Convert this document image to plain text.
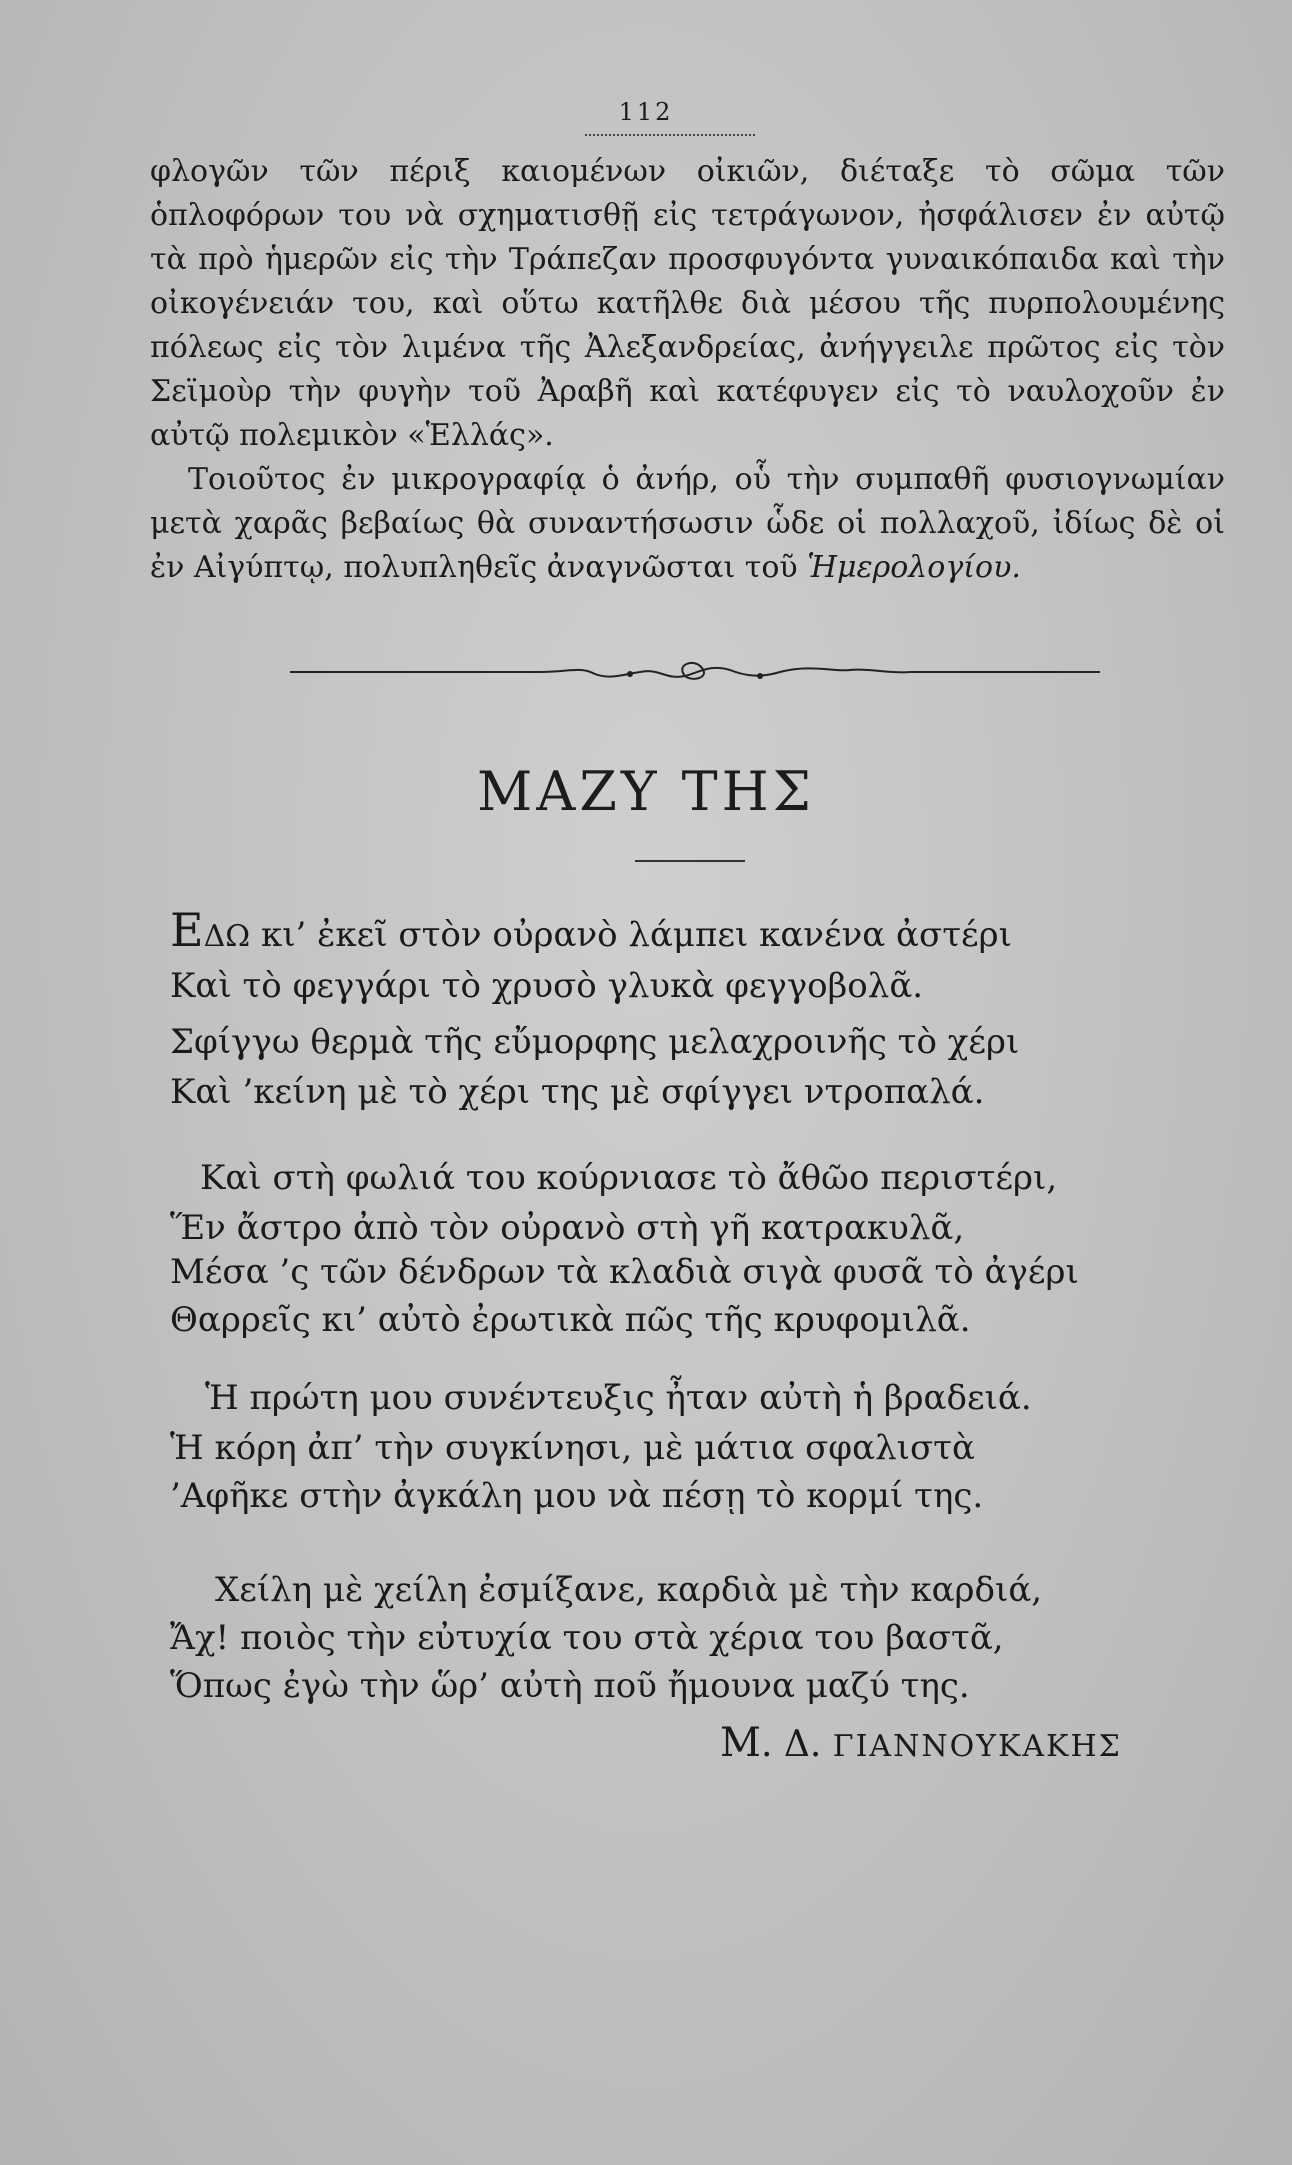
112

φλογῶν τῶν πέριξ καιομένων οἰκιῶν, διέταξε τὸ σῶμα τῶν ὁπλοφόρων του νὰ σχηματισθῇ εἰς τετράγωνον, ἠσφάλισεν ἐν αὐτῷ τὰ πρὸ ἡμερῶν εἰς τὴν Τράπεζαν προσφυγόντα γυναικόπαιδα καὶ τὴν οἰκογένειάν του, καὶ οὕτω κατῆλθε διὰ μέσου τῆς πυρπολουμένης πόλεως εἰς τὸν λιμένα τῆς Ἀλεξανδρείας, ἀνήγγειλε πρῶτος εἰς τὸν Σεϊμοὺρ τὴν φυγὴν τοῦ Ἀραβῆ καὶ κατέφυγεν εἰς τὸ ναυλοχοῦν ἐν αὐτῷ πολεμικὸν «Ἑλλάς».

Τοιοῦτος ἐν μικρογραφίᾳ ὁ ἀνήρ, οὗ τὴν συμπαθῆ φυσιογνωμίαν μετὰ χαρᾶς βεβαίως θὰ συναντήσωσιν ὧδε οἱ πολλαχοῦ, ἰδίως δὲ οἱ ἐν Αἰγύπτῳ, πολυπληθεῖς ἀναγνῶσται τοῦ Ἡμερολογίου.

ΜΑΖΥ ΤΗΣ
ΕΔΩ κι’ ἐκεῖ στὸν οὐρανὸ λάμπει κανένα ἀστέρι
Καὶ τὸ φεγγάρι τὸ χρυσὸ γλυκὰ φεγγοβολᾶ.
Σφίγγω θερμὰ τῆς εὔμορφης μελαχροινῆς τὸ χέρι
Καὶ ’κείνη μὲ τὸ χέρι της μὲ σφίγγει ντροπαλά.
Καὶ στὴ φωλιά του κούρνιασε τὸ ἄθῶο περιστέρι,
Ἕν ἄστρο ἀπὸ τὸν οὐρανὸ στὴ γῆ κατρακυλᾶ,
Μέσα ’ς τῶν δένδρων τὰ κλαδιὰ σιγὰ φυσᾶ τὸ ἀγέρι
Θαρρεῖς κι’ αὐτὸ ἐρωτικὰ πῶς τῆς κρυφομιλᾶ.
Ἡ πρώτη μου συνέντευξις ἦταν αὐτὴ ἡ βραδειά.
Ἡ κόρη ἀπ’ τὴν συγκίνησι, μὲ μάτια σφαλιστὰ
’Αφῆκε στὴν ἀγκάλη μου νὰ πέσῃ τὸ κορμί της.
Χείλη μὲ χείλη ἐσμίξανε, καρδιὰ μὲ τὴν καρδιά,
Ἄχ! ποιὸς τὴν εὐτυχία του στὰ χέρια του βαστᾶ,
Ὅπως ἐγὼ τὴν ὥρ’ αὐτὴ ποῦ ἤμουνα μαζύ της.
Μ. Δ. ΓΙΑΝΝΟΥΚΑΚΗΣ
